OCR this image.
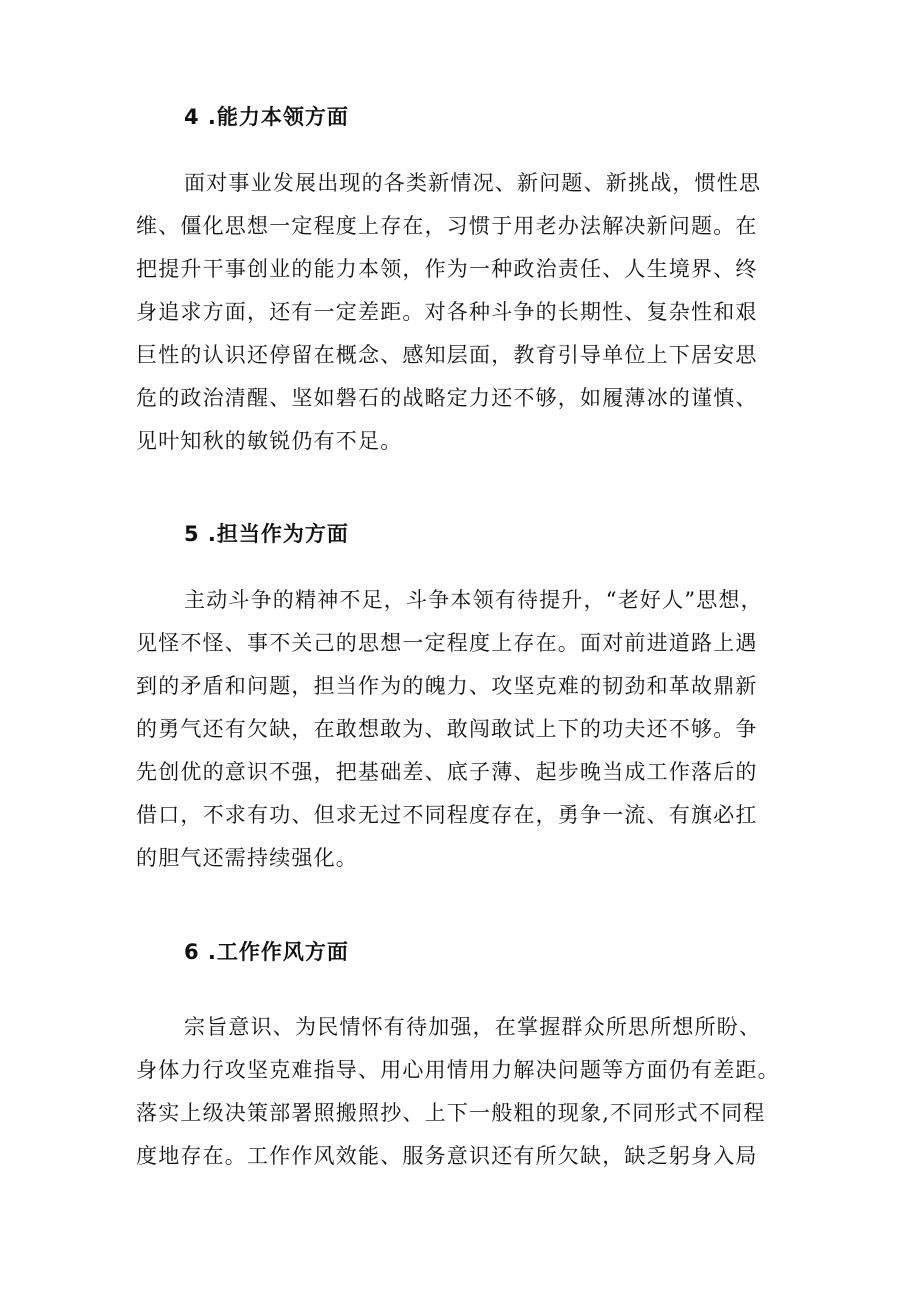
4 .能力本领方面
面对事业发展出现的各类新情况、新问题、新挑战，惯性思
维、僵化思想一定程度上存在，习惯于用老办法解决新问题。在
把提升干事创业的能力本领，作为一种政治责任、人生境界、终
身追求方面，还有一定差距。对各种斗争的长期性、复杂性和艰
巨性的认识还停留在概念、感知层面，教育引导单位上下居安思
危的政治清醒、坚如磐石的战略定力还不够，如履薄冰的谨慎、
见叶知秋的敏锐仍有不足。
5 .担当作为方面
主动斗争的精神不足，斗争本领有待提升，“老好人”思想，
见怪不怪、事不关己的思想一定程度上存在。面对前进道路上遇
到的矛盾和问题，担当作为的魄力、攻坚克难的韧劲和革故鼎新
的勇气还有欠缺，在敢想敢为、敢闯敢试上下的功夫还不够。争
先创优的意识不强，把基础差、底子薄、起步晚当成工作落后的
借口，不求有功、但求无过不同程度存在，勇争一流、有旗必扛
的胆气还需持续强化。
6 .工作作风方面
宗旨意识、为民情怀有待加强，在掌握群众所思所想所盼、
身体力行攻坚克难指导、用心用情用力解决问题等方面仍有差距。
落实上级决策部署照搬照抄、上下一般粗的现象,不同形式不同程
度地存在。工作作风效能、服务意识还有所欠缺，缺乏躬身入局
